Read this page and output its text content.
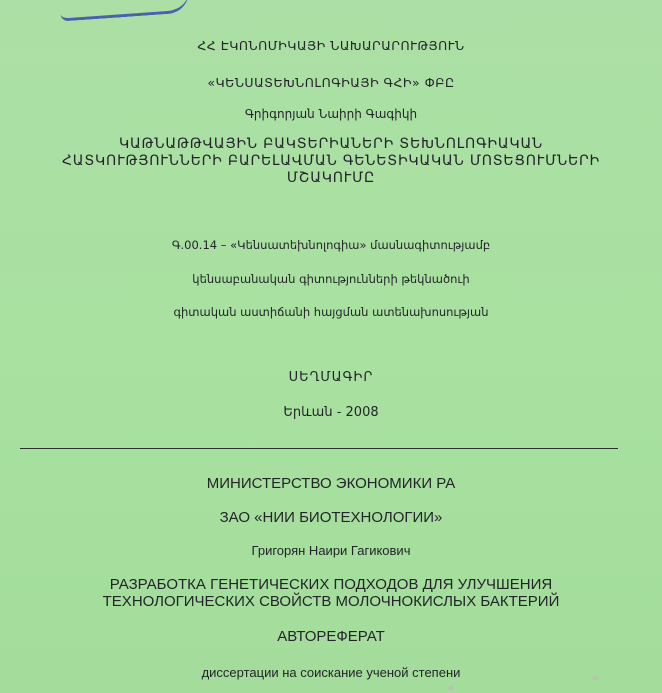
ՀՀ ԷԿՈՆՈՄԻԿԱՅԻ ՆԱԽԱՐԱՐՈՒԹՅՈՒՆ
«ԿԵՆՍԱՏԵԽՆՈԼՈԳԻԱՅԻ ԳՀԻ» ՓԲԸ
Գրիգորյան Նաիրի Գագիկի
ԿԱԹՆԱԹԹՎԱՅԻՆ ԲԱԿՏԵՐԻԱՆԵՐԻ ՏԵԽՆՈԼՈԳԻԱԿԱՆ
ՀԱՏԿՈՒԹՅՈՒՆՆԵՐԻ ԲԱՐԵԼԱՎՄԱՆ ԳԵՆԵՏԻԿԱԿԱՆ ՄՈՏԵՑՈՒՄՆԵՐԻ
ՄՇԱԿՈՒՄԸ
Գ.00.14 – «Կենսատեխնոլոգիա» մասնագիտությամբ
կենսաբանական գիտությունների թեկնածուի
գիտական աստիճանի հայցման ատենախոսության
ՍԵՂՄԱԳԻՐ
Երևան - 2008
МИНИСТЕРСТВО ЭКОНОМИКИ РА
ЗАО «НИИ БИОТЕХНОЛОГИИ»
Григорян Наири Гагикович
РАЗРАБОТКА ГЕНЕТИЧЕСКИХ ПОДХОДОВ ДЛЯ УЛУЧШЕНИЯ
ТЕХНОЛОГИЧЕСКИХ СВОЙСТВ МОЛОЧНОКИСЛЫХ БАКТЕРИЙ
АВТОРЕФЕРАТ
диссертации на соискание ученой степени
